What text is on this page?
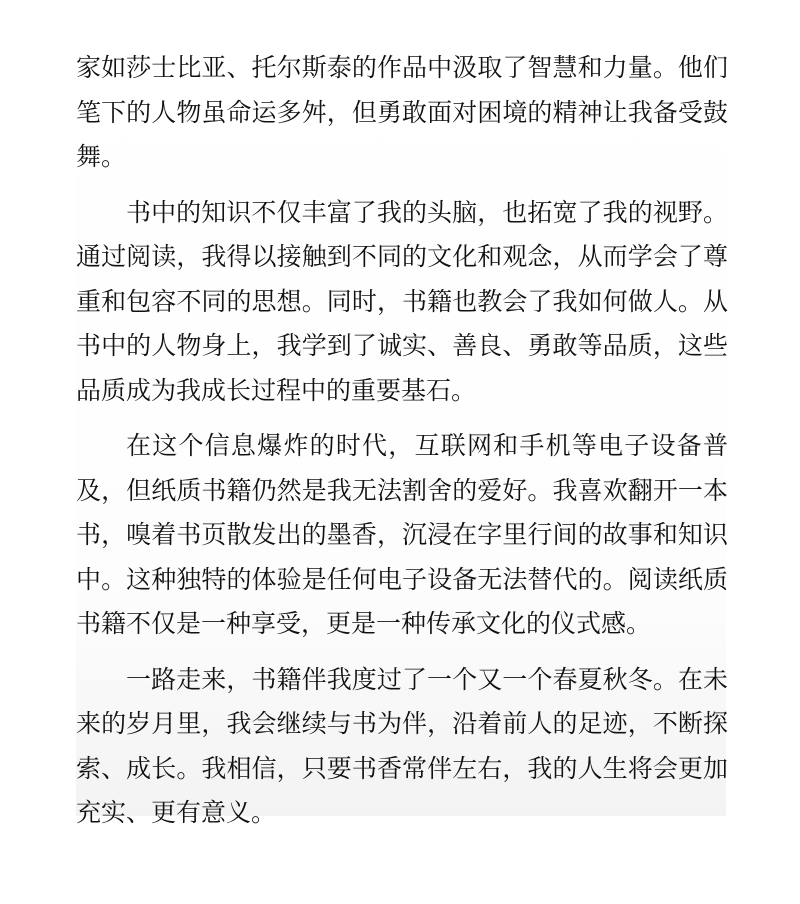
家如莎士比亚、托尔斯泰的作品中汲取了智慧和力量。他们笔下的人物虽命运多舛，但勇敢面对困境的精神让我备受鼓舞。

书中的知识不仅丰富了我的头脑，也拓宽了我的视野。通过阅读，我得以接触到不同的文化和观念，从而学会了尊重和包容不同的思想。同时，书籍也教会了我如何做人。从书中的人物身上，我学到了诚实、善良、勇敢等品质，这些品质成为我成长过程中的重要基石。

在这个信息爆炸的时代，互联网和手机等电子设备普及，但纸质书籍仍然是我无法割舍的爱好。我喜欢翻开一本书，嗅着书页散发出的墨香，沉浸在字里行间的故事和知识中。这种独特的体验是任何电子设备无法替代的。阅读纸质书籍不仅是一种享受，更是一种传承文化的仪式感。

一路走来，书籍伴我度过了一个又一个春夏秋冬。在未来的岁月里，我会继续与书为伴，沿着前人的足迹，不断探索、成长。我相信，只要书香常伴左右，我的人生将会更加充实、更有意义。
